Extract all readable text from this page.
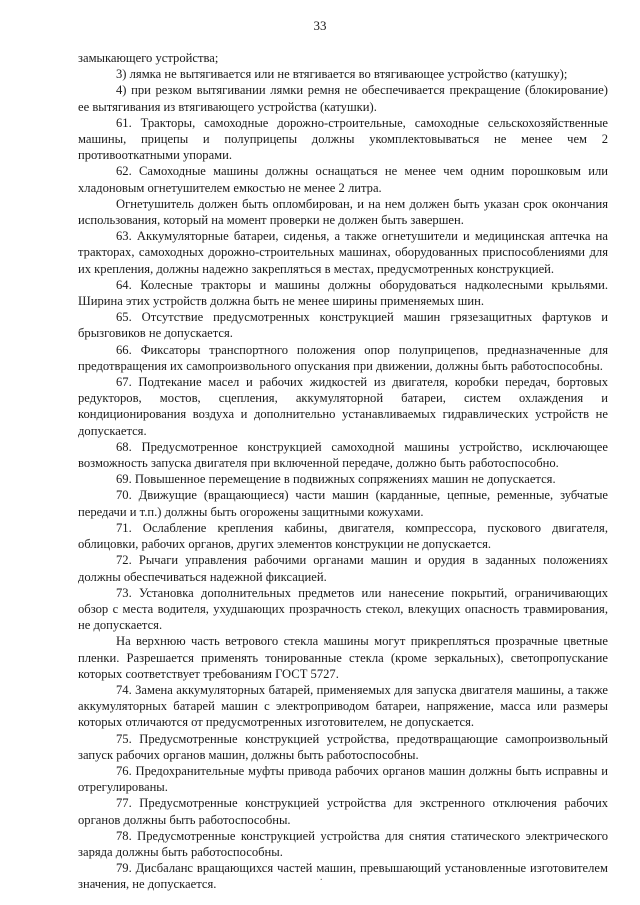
33

замыкающего устройства;

3) лямка не вытягивается или не втягивается во втягивающее устройство (катушку);

4) при резком вытягивании лямки ремня не обеспечивается прекращение (блокирование) ее вытягивания из втягивающего устройства (катушки).

61. Тракторы, самоходные дорожно-строительные, самоходные сельскохозяйственные машины, прицепы и полуприцепы должны укомплектовываться не менее чем 2 противооткатными упорами.

62. Самоходные машины должны оснащаться не менее чем одним порошковым или хладоновым огнетушителем емкостью не менее 2 литра.

Огнетушитель должен быть опломбирован, и на нем должен быть указан срок окончания использования, который на момент проверки не должен быть завершен.

63. Аккумуляторные батареи, сиденья, а также огнетушители и медицинская аптечка на тракторах, самоходных дорожно-строительных машинах, оборудованных приспособлениями для их крепления, должны надежно закрепляться в местах, предусмотренных конструкцией.

64. Колесные тракторы и машины должны оборудоваться надколесными крыльями. Ширина этих устройств должна быть не менее ширины применяемых шин.

65. Отсутствие предусмотренных конструкцией машин грязезащитных фартуков и брызговиков не допускается.

66. Фиксаторы транспортного положения опор полуприцепов, предназначенные для предотвращения их самопроизвольного опускания при движении, должны быть работоспособны.

67. Подтекание масел и рабочих жидкостей из двигателя, коробки передач, бортовых редукторов, мостов, сцепления, аккумуляторной батареи, систем охлаждения и кондиционирования воздуха и дополнительно устанавливаемых гидравлических устройств не допускается.

68. Предусмотренное конструкцией самоходной машины устройство, исключающее возможность запуска двигателя при включенной передаче, должно быть работоспособно.

69. Повышенное перемещение в подвижных сопряжениях машин не допускается.

70. Движущие (вращающиеся) части машин (карданные, цепные, ременные, зубчатые передачи и т.п.) должны быть огорожены защитными кожухами.

71. Ослабление крепления кабины, двигателя, компрессора, пускового двигателя, облицовки, рабочих органов, других элементов конструкции не допускается.

72. Рычаги управления рабочими органами машин и орудия в заданных положениях должны обеспечиваться надежной фиксацией.

73. Установка дополнительных предметов или нанесение покрытий, ограничивающих обзор с места водителя, ухудшающих прозрачность стекол, влекущих опасность травмирования, не допускается.

На верхнюю часть ветрового стекла машины могут прикрепляться прозрачные цветные пленки. Разрешается применять тонированные стекла (кроме зеркальных), светопропускание которых соответствует требованиям ГОСТ 5727.

74. Замена аккумуляторных батарей, применяемых для запуска двигателя машины, а также аккумуляторных батарей машин с электроприводом батареи, напряжение, масса или размеры которых отличаются от предусмотренных изготовителем, не допускается.

75. Предусмотренные конструкцией устройства, предотвращающие самопроизвольный запуск рабочих органов машин, должны быть работоспособны.

76. Предохранительные муфты привода рабочих органов машин должны быть исправны и отрегулированы.

77. Предусмотренные конструкцией устройства для экстренного отключения рабочих органов должны быть работоспособны.

78. Предусмотренные конструкцией устройства для снятия статического электрического заряда должны быть работоспособны.

79. Дисбаланс вращающихся частей машин, превышающий установленные изготовителем значения, не допускается.	.
